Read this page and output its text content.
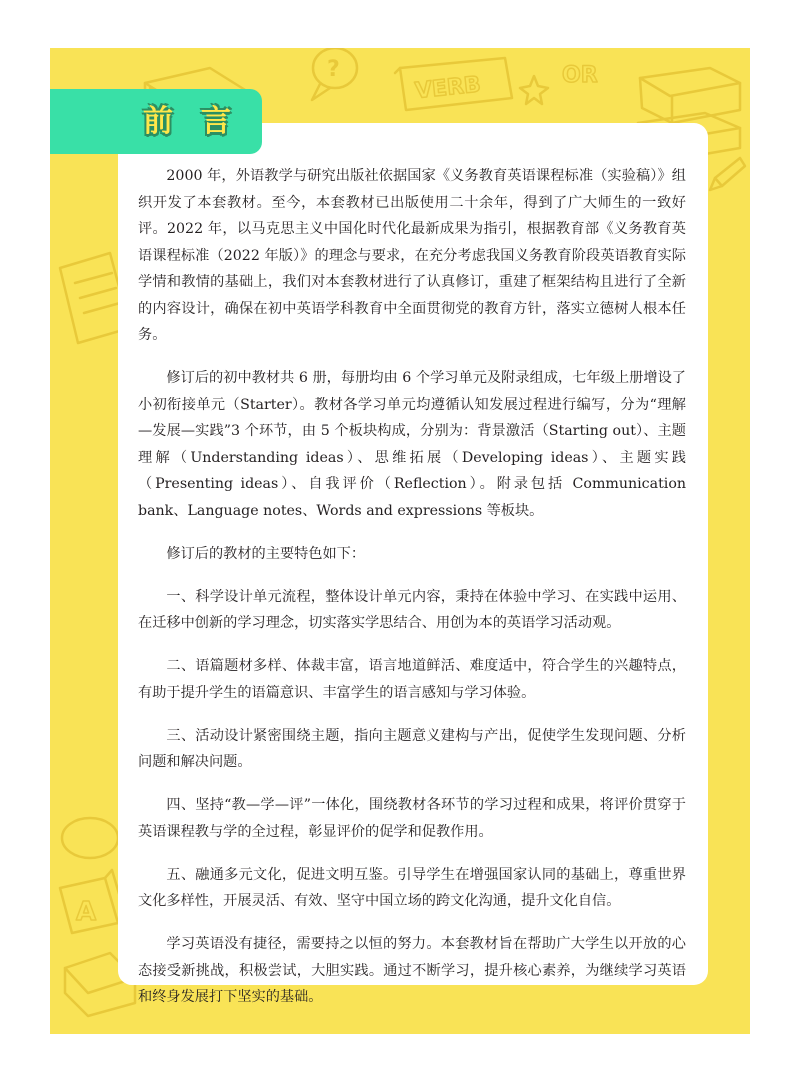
?
VERB	OR
A
前 言

2000 年，外语教学与研究出版社依据国家《义务教育英语课程标准（实验稿）》组织开发了本套教材。至今，本套教材已出版使用二十余年，得到了广大师生的一致好评。2022 年，以马克思主义中国化时代化最新成果为指引，根据教育部《义务教育英语课程标准（2022 年版）》的理念与要求，在充分考虑我国义务教育阶段英语教育实际学情和教情的基础上，我们对本套教材进行了认真修订，重建了框架结构且进行了全新的内容设计，确保在初中英语学科教育中全面贯彻党的教育方针，落实立德树人根本任务。

修订后的初中教材共 6 册，每册均由 6 个学习单元及附录组成，七年级上册增设了小初衔接单元（Starter）。教材各学习单元均遵循认知发展过程进行编写，分为“理解—发展—实践”3 个环节，由 5 个板块构成，分别为：背景激活（Starting out）、主题理解（Understanding ideas）、思维拓展（Developing ideas）、主题实践（Presenting ideas）、自我评价（Reflection）。附录包括 Communication bank、Language notes、Words and expressions 等板块。

修订后的教材的主要特色如下：

一、科学设计单元流程，整体设计单元内容，秉持在体验中学习、在实践中运用、在迁移中创新的学习理念，切实落实学思结合、用创为本的英语学习活动观。

二、语篇题材多样、体裁丰富，语言地道鲜活、难度适中，符合学生的兴趣特点，有助于提升学生的语篇意识、丰富学生的语言感知与学习体验。

三、活动设计紧密围绕主题，指向主题意义建构与产出，促使学生发现问题、分析问题和解决问题。

四、坚持“教—学—评”一体化，围绕教材各环节的学习过程和成果，将评价贯穿于英语课程教与学的全过程，彰显评价的促学和促教作用。

五、融通多元文化，促进文明互鉴。引导学生在增强国家认同的基础上，尊重世界文化多样性，开展灵活、有效、坚守中国立场的跨文化沟通，提升文化自信。

学习英语没有捷径，需要持之以恒的努力。本套教材旨在帮助广大学生以开放的心态接受新挑战，积极尝试，大胆实践。通过不断学习，提升核心素养，为继续学习英语和终身发展打下坚实的基础。
